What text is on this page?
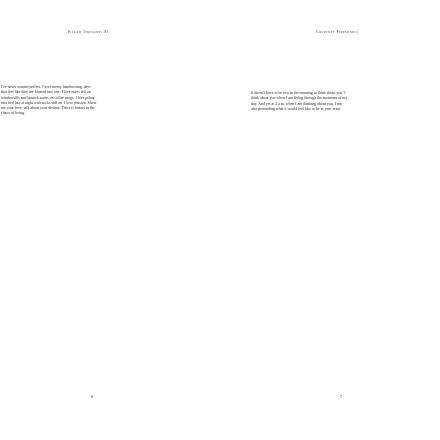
Pillow Thoughts III
I've never wanted perfect. I love messy handwriting, days
that feel like they are blurred into one. I love notes left on
windowsills and lipstick stains on coffee mugs. I love piling
into bed late at night with socks still on. I love passion. Show
me your love; talk about your dreams. There is beauty in the
chaos of living.
6
Courtney Peppernell
It doesn't have to be two in the morning to think about you. I
think about you when I am flying through the moments of my
day. And yet at 2 a.m. when I am thinking about you, I am
also pretending what it would feel like to be in your arms.
7
